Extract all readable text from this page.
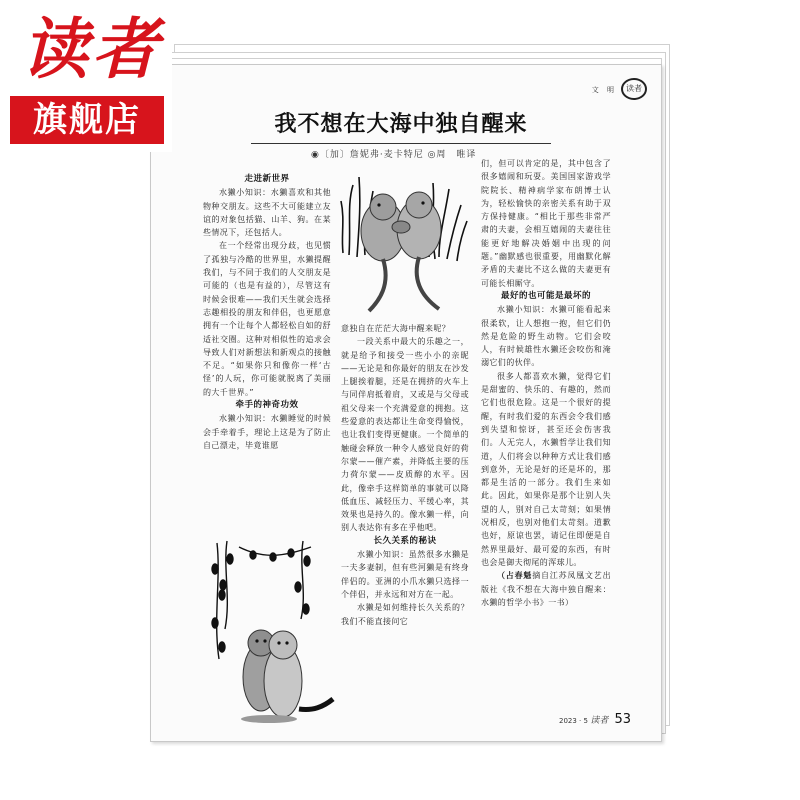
文 明	读者
我不想在大海中独自醒来
◉〔加〕詹妮弗·麦卡特尼 ◎周　唯译

走进新世界

水獭小知识：水獭喜欢和其他物种交朋友。这些不大可能建立友谊的对象包括猫、山羊、狗。在某些情况下，还包括人。

在一个经常出现分歧，也见惯了孤独与冷酷的世界里，水獭提醒我们，与不同于我们的人交朋友是可能的（也是有益的），尽管这有时候会很难——我们天生就会选择志趣相投的朋友和伴侣，也更愿意拥有一个让每个人都轻松自如的舒适社交圈。这种对相似性的追求会导致人们对新想法和新观点的接触不足。“如果你只和像你一样‘古怪’的人玩，你可能就脱离了美丽的大千世界。”

牵手的神奇功效

水獭小知识：水獭睡觉的时候会手牵着手，理论上这是为了防止自己漂走，毕竟谁愿

意独自在茫茫大海中醒来呢？

一段关系中最大的乐趣之一，就是给予和接受一些小小的亲昵——无论是和你最好的朋友在沙发上腿挨着腿，还是在拥挤的火车上与同伴肩抵着肩，又或是与父母或祖父母来一个充满爱意的拥抱。这些爱意的表达都让生命变得愉悦，也让我们变得更健康。一个简单的触碰会释放一种令人感觉良好的荷尔蒙——催产素，并降低主要的压力荷尔蒙——皮质醇的水平。因此，像牵手这样简单的事就可以降低血压、减轻压力、平缓心率，其效果也是持久的。像水獭一样，向别人表达你有多在乎他吧。

长久关系的秘诀

水獭小知识：虽然很多水獭是一夫多妻制，但有些河獭是有终身伴侣的。亚洲的小爪水獭只选择一个伴侣，并永远和对方在一起。

水獭是如何维持长久关系的？我们不能直接问它

们，但可以肯定的是，其中包含了很多嬉闹和玩耍。美国国家游戏学院院长、精神病学家布朗博士认为，轻松愉快的亲密关系有助于双方保持健康。“相比于那些非常严肃的夫妻，会相互嬉闹的夫妻往往能更好地解决婚姻中出现的问题。”幽默感也很重要，用幽默化解矛盾的夫妻比不这么做的夫妻更有可能长相厮守。

最好的也可能是最坏的

水獭小知识：水獭可能看起来很柔软，让人想抱一抱，但它们仍然是危险的野生动物。它们会咬人，有时候雄性水獭还会咬伤和淹溺它们的伙伴。

很多人都喜欢水獭，觉得它们是甜蜜的、快乐的、有趣的，然而它们也很危险。这是一个很好的提醒，有时我们爱的东西会令我们感到失望和惊讶，甚至还会伤害我们。人无完人，水獭哲学让我们知道，人们将会以种种方式让我们感到意外，无论是好的还是坏的，那都是生活的一部分。我们生来如此。因此，如果你是那个让别人失望的人，别对自己太苛刻；如果情况相反，也别对他们太苛刻。道歉也好，原谅也罢，请记住即便是自然界里最好、最可爱的东西，有时也会是御夫彻尾的浑球儿。

（占春魁摘自江苏凤凰文艺出版社《我不想在大海中独自醒来：水獭的哲学小书》一书）

2023 · 5 读者 53
读者
旗舰店
